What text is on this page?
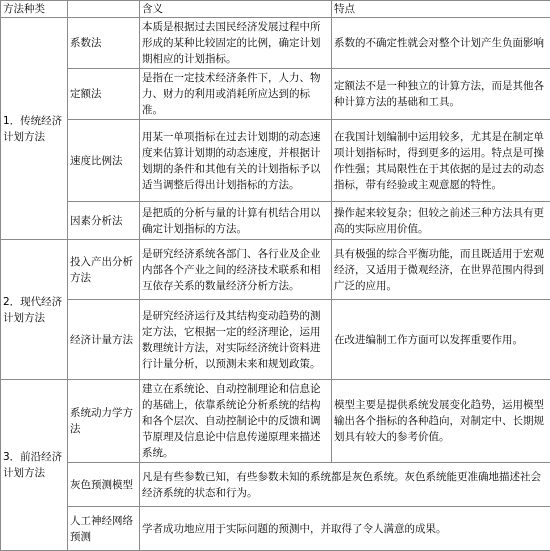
方法种类		含义	特点
1．传统经济计划方法	系数法	本质是根据过去国民经济发展过程中所形成的某种比较固定的比例，确定计划期相应的计划指标。	系数的不确定性就会对整个计划产生负面影响
	定额法	是指在一定技术经济条件下，人力、物力、财力的利用或消耗所应达到的标准。	定额法不是一种独立的计算方法，而是其他各种计算方法的基础和工具。
	速度比例法	用某一单项指标在过去计划期的动态速度来估算计划期的动态速度，并根据计划期的条件和其他有关的计划指标予以适当调整后得出计划指标的方法。	在我国计划编制中运用较多，尤其是在制定单项计划指标时，得到更多的运用。特点是可操作性强；其局限性在于其依据的是过去的动态指标，带有经验或主观意愿的特性。
	因素分析法	是把质的分析与量的计算有机结合用以确定计划指标的方法。	操作起来较复杂；但较之前述三种方法具有更高的实际应用价值。
2．现代经济计划方法	投入产出分析方法	是研究经济系统各部门、各行业及企业内部各个产业之间的经济技术联系和相互依存关系的数量经济分析方法。	具有极强的综合平衡功能，而且既适用于宏观经济，又适用于微观经济，在世界范围内得到广泛的应用。
	经济计量方法	是研究经济运行及其结构变动趋势的测定方法，它根据一定的经济理论，运用数理统计方法，对实际经济统计资料进行计量分析，以预测未来和规划政策。	在改进编制工作方面可以发挥重要作用。
3．前沿经济计划方法	系统动力学方法	建立在系统论、自动控制理论和信息论的基础上，依靠系统论分析系统的结构和各个层次、自动控制论中的反馈和调节原理及信息论中信息传递原理来描述系统。	模型主要是提供系统发展变化趋势，运用模型输出各个指标的各种趋向，对制定中、长期规划具有较大的参考价值。
	灰色预测模型	凡是有些参数已知，有些参数未知的系统都是灰色系统。灰色系统能更准确地描述社会经济系统的状态和行为。	
	人工神经网络预测	学者成功地应用于实际问题的预测中，并取得了令人满意的成果。	
